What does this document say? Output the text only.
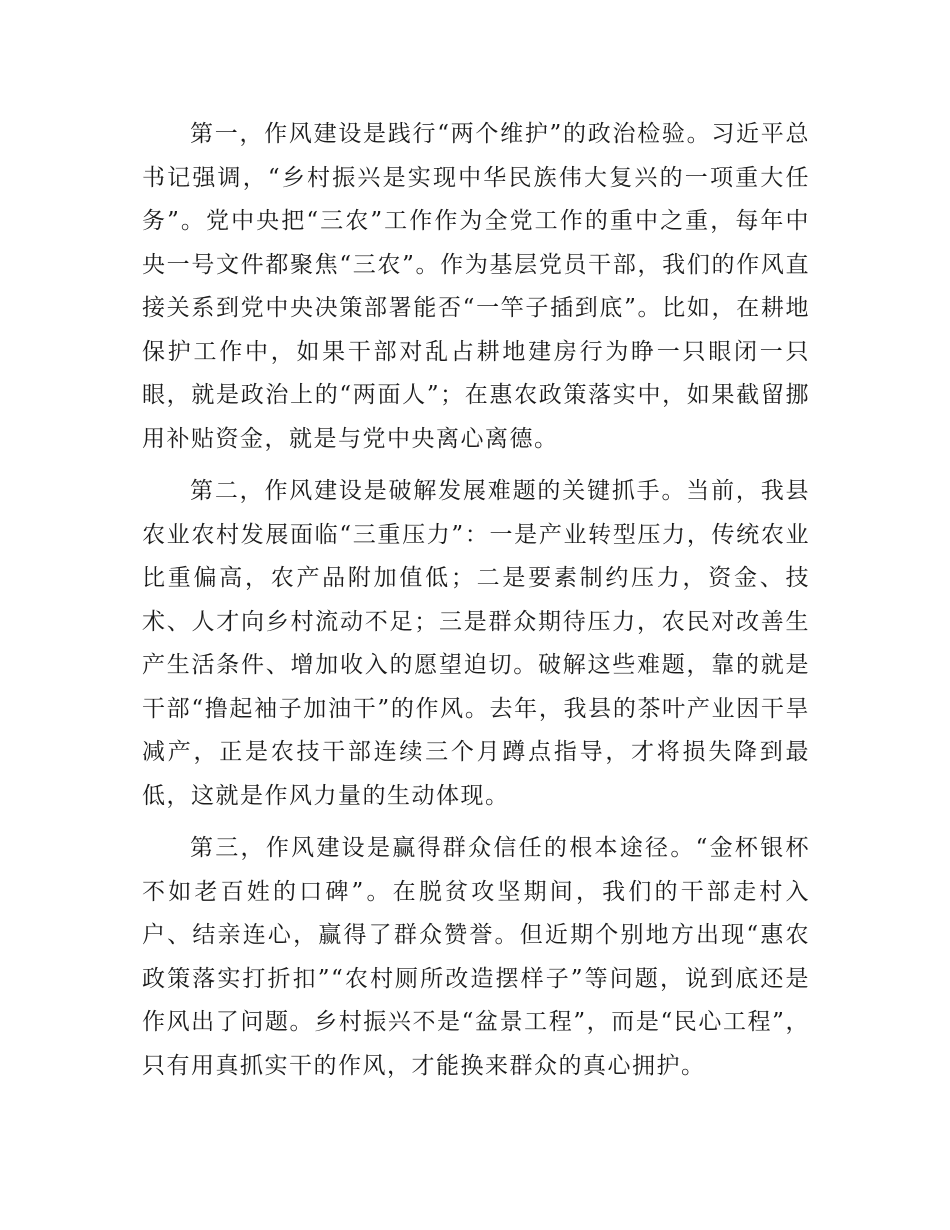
第一，作风建设是践行“两个维护”的政治检验。习近平总书记强调，“乡村振兴是实现中华民族伟大复兴的一项重大任务”。党中央把“三农”工作作为全党工作的重中之重，每年中央一号文件都聚焦“三农”。作为基层党员干部，我们的作风直接关系到党中央决策部署能否“一竿子插到底”。比如，在耕地保护工作中，如果干部对乱占耕地建房行为睁一只眼闭一只眼，就是政治上的“两面人”；在惠农政策落实中，如果截留挪用补贴资金，就是与党中央离心离德。

第二，作风建设是破解发展难题的关键抓手。当前，我县农业农村发展面临“三重压力”：一是产业转型压力，传统农业比重偏高，农产品附加值低；二是要素制约压力，资金、技术、人才向乡村流动不足；三是群众期待压力，农民对改善生产生活条件、增加收入的愿望迫切。破解这些难题，靠的就是干部“撸起袖子加油干”的作风。去年，我县的茶叶产业因干旱减产，正是农技干部连续三个月蹲点指导，才将损失降到最低，这就是作风力量的生动体现。

第三，作风建设是赢得群众信任的根本途径。“金杯银杯不如老百姓的口碑”。在脱贫攻坚期间，我们的干部走村入户、结亲连心，赢得了群众赞誉。但近期个别地方出现“惠农政策落实打折扣”“农村厕所改造摆样子”等问题，说到底还是作风出了问题。乡村振兴不是“盆景工程”，而是“民心工程”，只有用真抓实干的作风，才能换来群众的真心拥护。
